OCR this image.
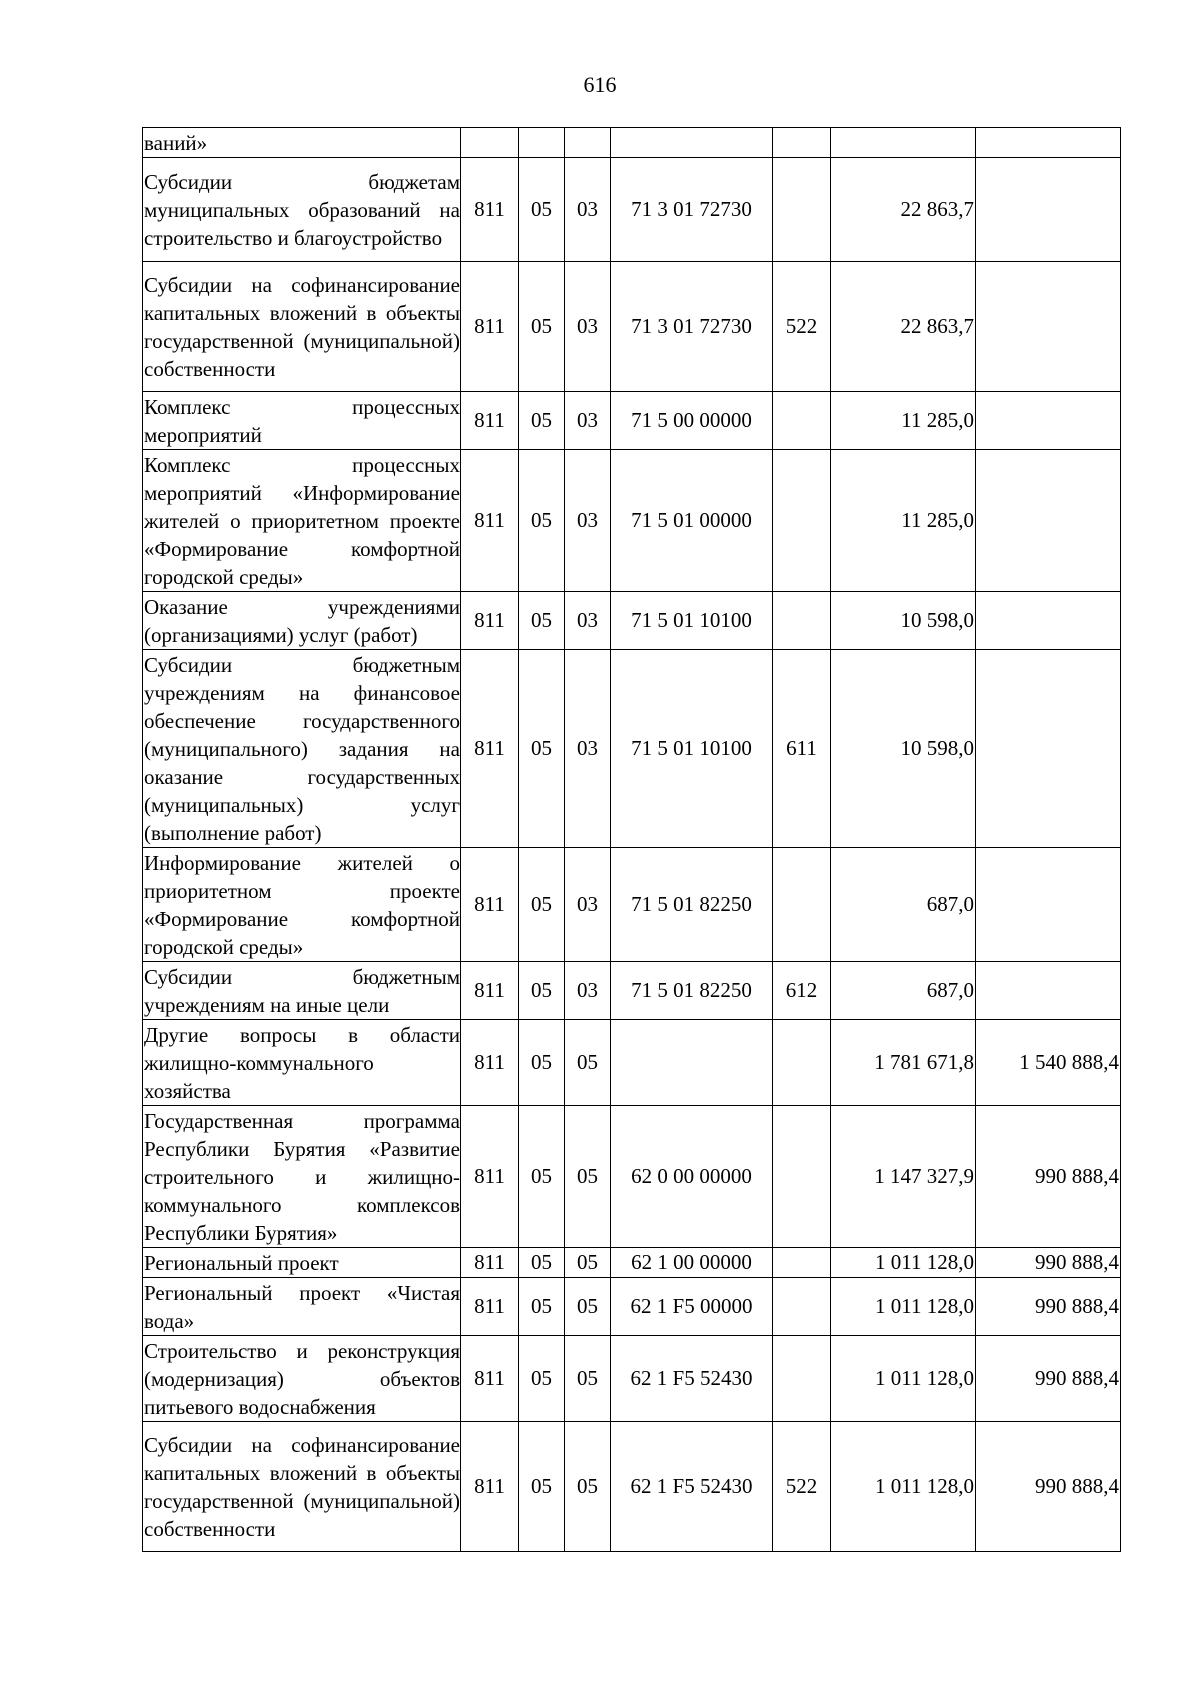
616
ваний»							
Субсидии бюджетам муниципальных образований на строительство и благоустройство	811	05	03	71 3 01 72730		22 863,7	
Субсидии на софинансирование капитальных вложений в объекты государственной (муниципальной) собственности	811	05	03	71 3 01 72730	522	22 863,7	
Комплекс процессных мероприятий	811	05	03	71 5 00 00000		11 285,0	
Комплекс процессных мероприятий «Информирование жителей о приоритетном проекте «Формирование комфортной городской среды»	811	05	03	71 5 01 00000		11 285,0	
Оказание учреждениями (организациями) услуг (работ)	811	05	03	71 5 01 10100		10 598,0	
Субсидии бюджетным учреждениям на финансовое обеспечение государственного (муниципального) задания на оказание государственных (муниципальных) услуг (выполнение работ)	811	05	03	71 5 01 10100	611	10 598,0	
Информирование жителей о приоритетном проекте «Формирование комфортной городской среды»	811	05	03	71 5 01 82250		687,0	
Субсидии бюджетным учреждениям на иные цели	811	05	03	71 5 01 82250	612	687,0	
Другие вопросы в области жилищно-коммунального хозяйства	811	05	05			1 781 671,8	1 540 888,4
Государственная программа Республики Бурятия «Развитие строительного и жилищно-коммунального комплексов Республики Бурятия»	811	05	05	62 0 00 00000		1 147 327,9	990 888,4
Региональный проект	811	05	05	62 1 00 00000		1 011 128,0	990 888,4
Региональный проект «Чистая вода»	811	05	05	62 1 F5 00000		1 011 128,0	990 888,4
Строительство и реконструкция (модернизация) объектов питьевого водоснабжения	811	05	05	62 1 F5 52430		1 011 128,0	990 888,4
Субсидии на софинансирование капитальных вложений в объекты государственной (муниципальной) собственности	811	05	05	62 1 F5 52430	522	1 011 128,0	990 888,4
